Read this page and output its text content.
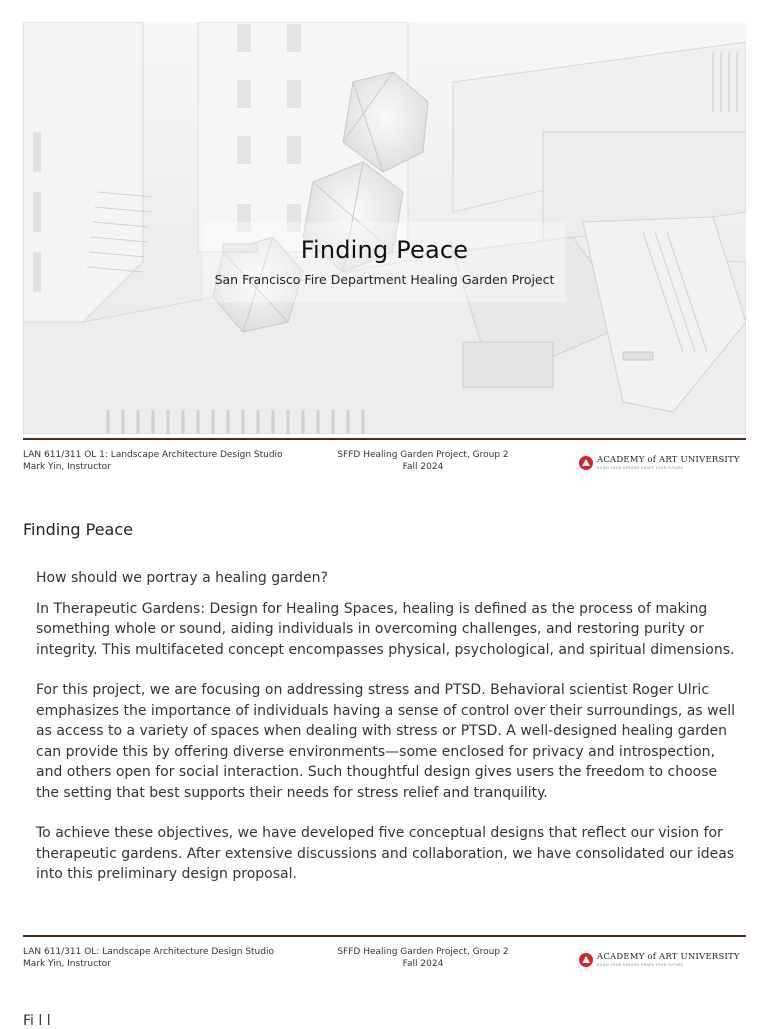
Finding Peace
San Francisco Fire Department Healing Garden Project
LAN 611/311 OL 1: Landscape Architecture Design Studio
Mark Yin, Instructor
SFFD Healing Garden Project, Group 2
Fall 2024
ACADEMY of ART UNIVERSITY
BUILD YOUR DREAMS SHAPE YOUR FUTURE
Finding Peace

How should we portray a healing garden?

In Therapeutic Gardens: Design for Healing Spaces, healing is defined as the process of making something whole or sound, aiding individuals in overcoming challenges, and restoring purity or integrity. This multifaceted concept encompasses physical, psychological, and spiritual dimensions.

For this project, we are focusing on addressing stress and PTSD. Behavioral scientist Roger Ulric emphasizes the importance of individuals having a sense of control over their surroundings, as well as access to a variety of spaces when dealing with stress or PTSD. A well-designed healing garden can provide this by offering diverse environments—some enclosed for privacy and introspection, and others open for social interaction. Such thoughtful design gives users the freedom to choose the setting that best supports their needs for stress relief and tranquility.

To achieve these objectives, we have developed five conceptual designs that reflect our vision for therapeutic gardens. After extensive discussions and collaboration, we have consolidated our ideas into this preliminary design proposal.

LAN 611/311 OL: Landscape Architecture Design Studio
Mark Yin, Instructor
SFFD Healing Garden Project, Group 2
Fall 2024
ACADEMY of ART UNIVERSITY
BUILD YOUR DREAMS SHAPE YOUR FUTURE
Fi l l
